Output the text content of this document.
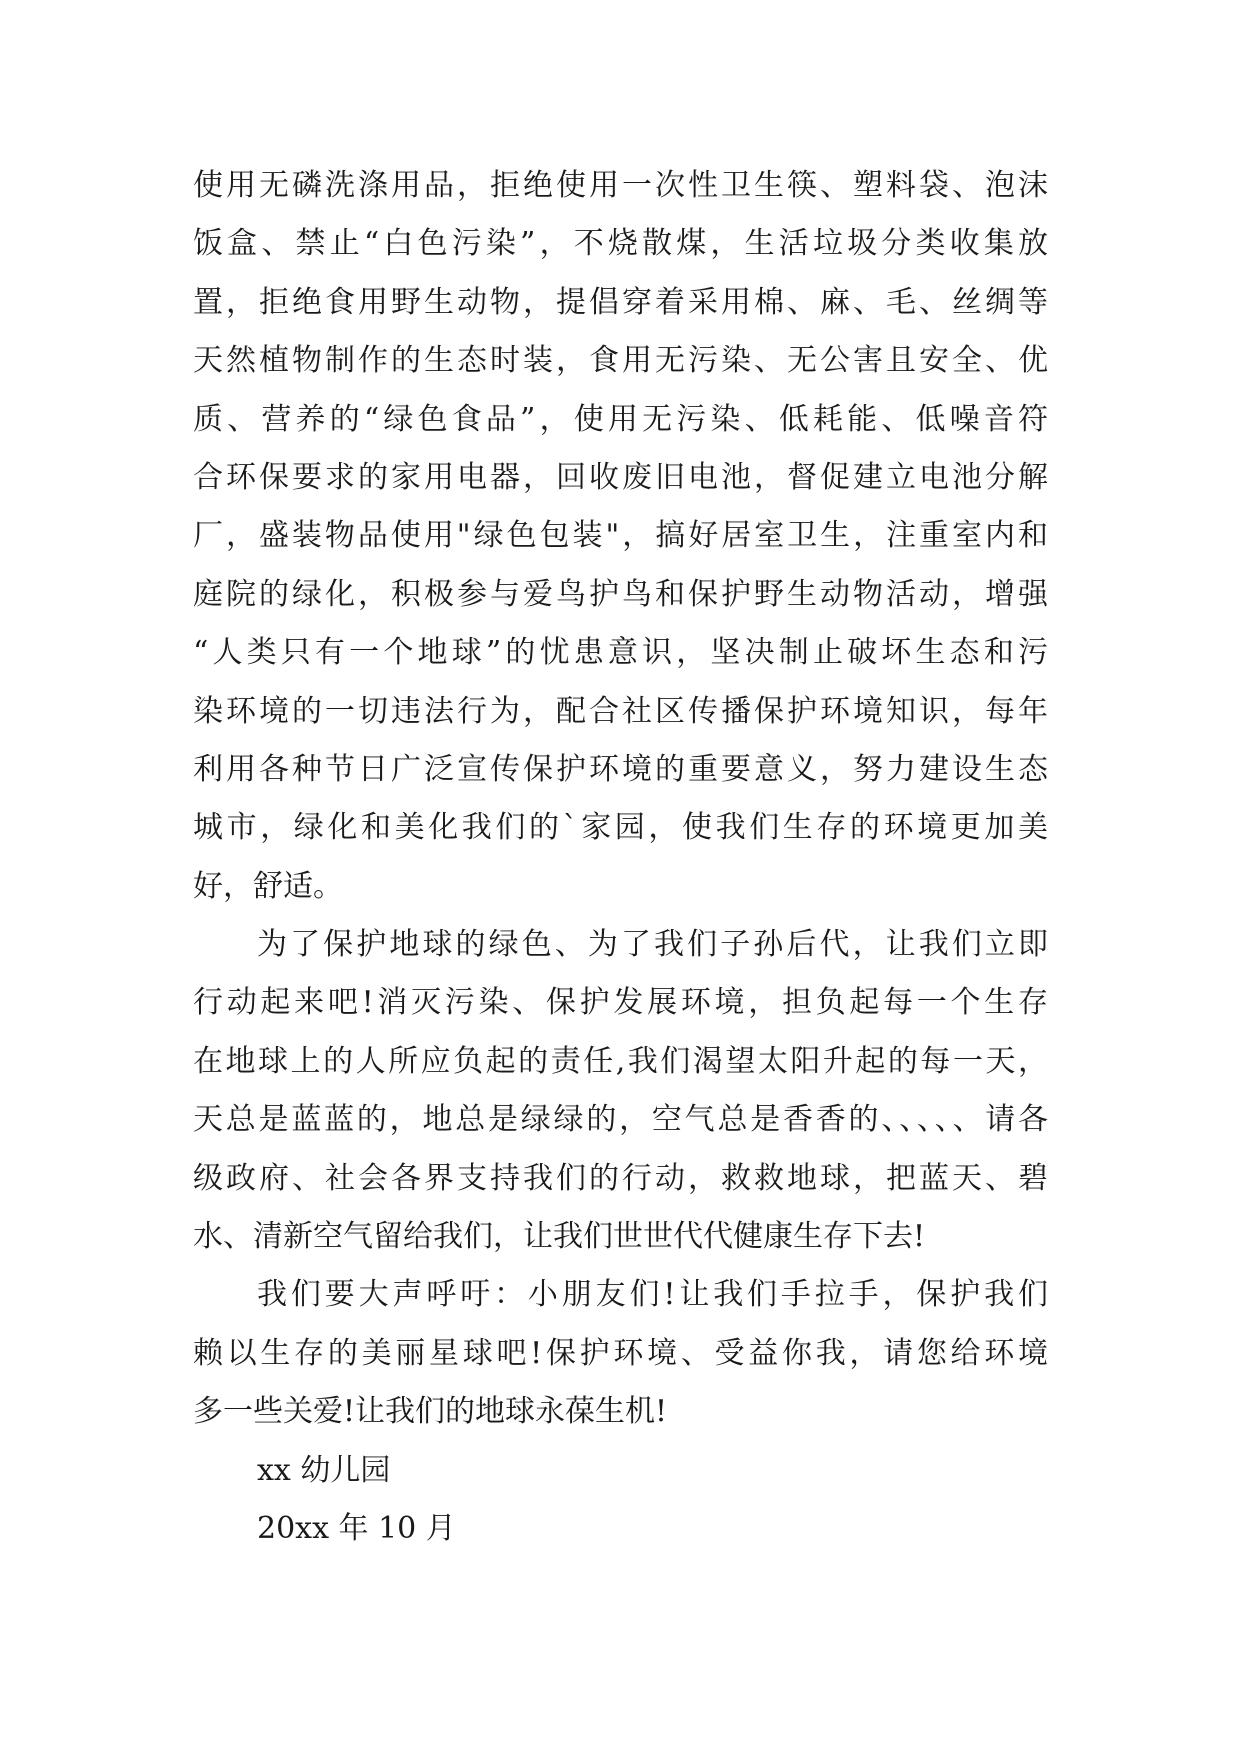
使用无磷洗涤用品，拒绝使用一次性卫生筷、塑料袋、泡沫
饭盒、禁止“白色污染”，不烧散煤，生活垃圾分类收集放
置，拒绝食用野生动物，提倡穿着采用棉、麻、毛、丝绸等
天然植物制作的生态时装，食用无污染、无公害且安全、优
质、营养的“绿色食品”，使用无污染、低耗能、低噪音符
合环保要求的家用电器，回收废旧电池，督促建立电池分解
厂，盛装物品使用"绿色包装"，搞好居室卫生，注重室内和
庭院的绿化，积极参与爱鸟护鸟和保护野生动物活动，增强
“人类只有一个地球”的忧患意识，坚决制止破坏生态和污
染环境的一切违法行为，配合社区传播保护环境知识，每年
利用各种节日广泛宣传保护环境的重要意义，努力建设生态
城市，绿化和美化我们的`家园，使我们生存的环境更加美
好，舒适。
为了保护地球的绿色、为了我们子孙后代，让我们立即
行动起来吧!消灭污染、保护发展环境，担负起每一个生存
在地球上的人所应负起的责任,我们渴望太阳升起的每一天，
天总是蓝蓝的，地总是绿绿的，空气总是香香的、、、、、请各
级政府、社会各界支持我们的行动，救救地球，把蓝天、碧
水、清新空气留给我们，让我们世世代代健康生存下去!
我们要大声呼吁：小朋友们!让我们手拉手，保护我们
赖以生存的美丽星球吧!保护环境、受益你我，请您给环境
多一些关爱!让我们的地球永葆生机!
xx 幼儿园
20xx 年 10 月
